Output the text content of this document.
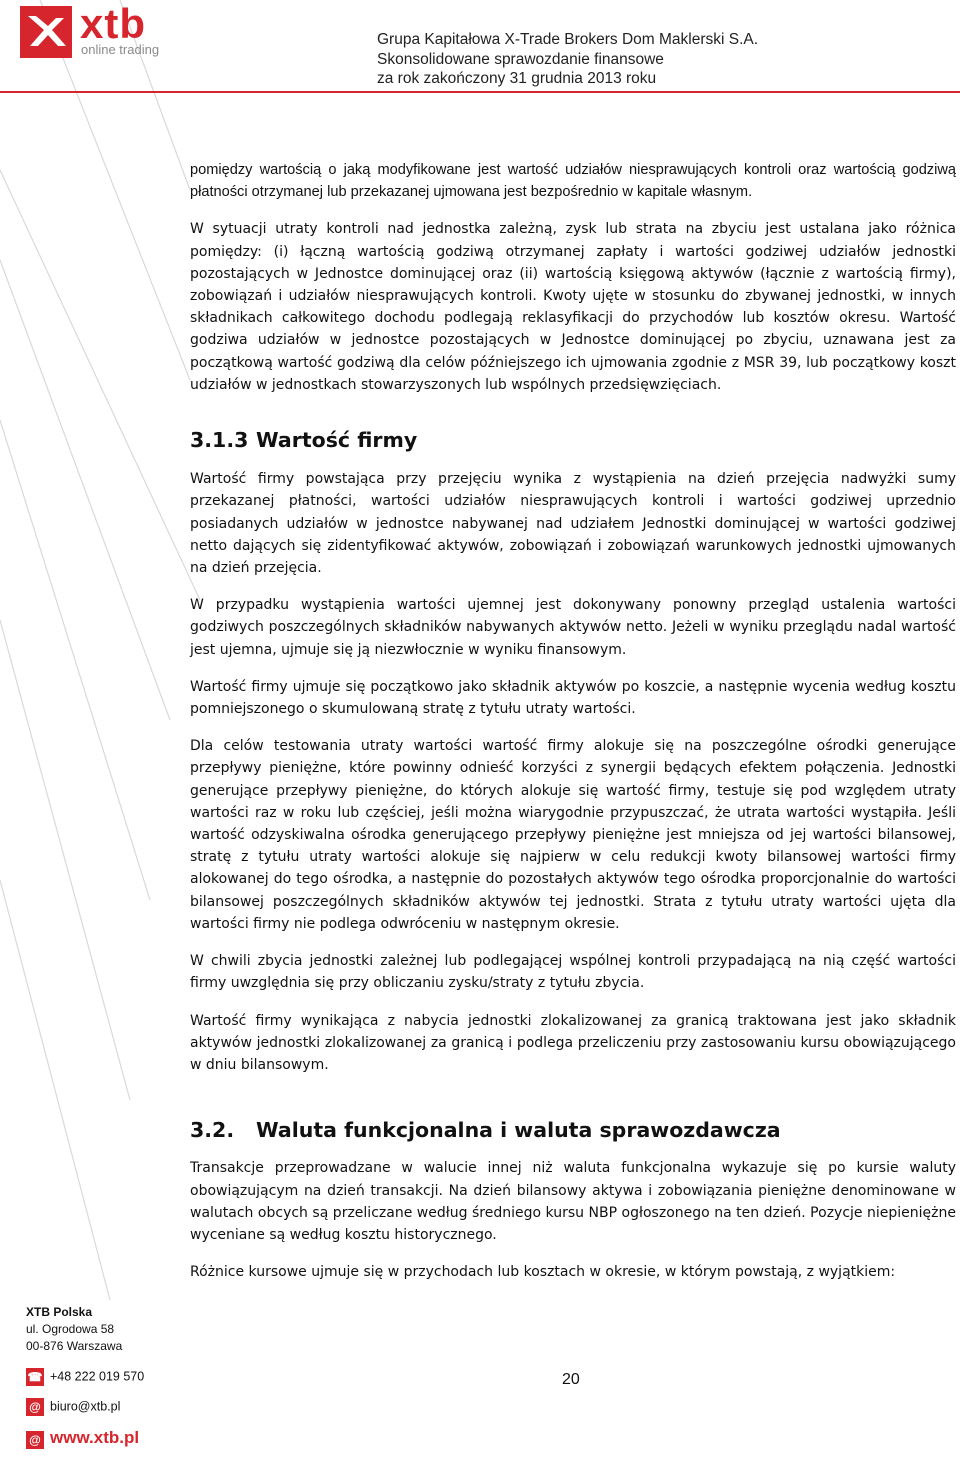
xtb
online trading
Grupa Kapitałowa X-Trade Brokers Dom Maklerski S.A.
Skonsolidowane sprawozdanie finansowe
za rok zakończony 31 grudnia 2013 roku

pomiędzy wartością o jaką modyfikowane jest wartość udziałów niesprawujących kontroli oraz wartością godziwą płatności otrzymanej lub przekazanej ujmowana jest bezpośrednio w kapitale własnym.

W sytuacji utraty kontroli nad jednostka zależną, zysk lub strata na zbyciu jest ustalana jako różnica pomiędzy: (i) łączną wartością godziwą otrzymanej zapłaty i wartości godziwej udziałów jednostki pozostających w Jednostce dominującej oraz (ii) wartością księgową aktywów (łącznie z wartością firmy), zobowiązań i udziałów niesprawujących kontroli. Kwoty ujęte w stosunku do zbywanej jednostki, w innych składnikach całkowitego dochodu podlegają reklasyfikacji do przychodów lub kosztów okresu. Wartość godziwa udziałów w jednostce pozostających w Jednostce dominującej po zbyciu, uznawana jest za początkową wartość godziwą dla celów późniejszego ich ujmowania zgodnie z MSR 39, lub początkowy koszt udziałów w jednostkach stowarzyszonych lub wspólnych przedsięwzięciach.

3.1.3 Wartość firmy

Wartość firmy powstająca przy przejęciu wynika z wystąpienia na dzień przejęcia nadwyżki sumy przekazanej płatności, wartości udziałów niesprawujących kontroli i wartości godziwej uprzednio posiadanych udziałów w jednostce nabywanej nad udziałem Jednostki dominującej w wartości godziwej netto dających się zidentyfikować aktywów, zobowiązań i zobowiązań warunkowych jednostki ujmowanych na dzień przejęcia.

W przypadku wystąpienia wartości ujemnej jest dokonywany ponowny przegląd ustalenia wartości godziwych poszczególnych składników nabywanych aktywów netto. Jeżeli w wyniku przeglądu nadal wartość jest ujemna, ujmuje się ją niezwłocznie w wyniku finansowym.

Wartość firmy ujmuje się początkowo jako składnik aktywów po koszcie, a następnie wycenia według kosztu pomniejszonego o skumulowaną stratę z tytułu utraty wartości.

Dla celów testowania utraty wartości wartość firmy alokuje się na poszczególne ośrodki generujące przepływy pieniężne, które powinny odnieść korzyści z synergii będących efektem połączenia. Jednostki generujące przepływy pieniężne, do których alokuje się wartość firmy, testuje się pod względem utraty wartości raz w roku lub częściej, jeśli można wiarygodnie przypuszczać, że utrata wartości wystąpiła. Jeśli wartość odzyskiwalna ośrodka generującego przepływy pieniężne jest mniejsza od jej wartości bilansowej, stratę z tytułu utraty wartości alokuje się najpierw w celu redukcji kwoty bilansowej wartości firmy alokowanej do tego ośrodka, a następnie do pozostałych aktywów tego ośrodka proporcjonalnie do wartości bilansowej poszczególnych składników aktywów tej jednostki. Strata z tytułu utraty wartości ujęta dla wartości firmy nie podlega odwróceniu w następnym okresie.

W chwili zbycia jednostki zależnej lub podlegającej wspólnej kontroli przypadającą na nią część wartości firmy uwzględnia się przy obliczaniu zysku/straty z tytułu zbycia.

Wartość firmy wynikająca z nabycia jednostki zlokalizowanej za granicą traktowana jest jako składnik aktywów jednostki zlokalizowanej za granicą i podlega przeliczeniu przy zastosowaniu kursu obowiązującego w dniu bilansowym.

3.2. Waluta funkcjonalna i waluta sprawozdawcza

Transakcje przeprowadzane w walucie innej niż waluta funkcjonalna wykazuje się po kursie waluty obowiązującym na dzień transakcji. Na dzień bilansowy aktywa i zobowiązania pieniężne denominowane w walutach obcych są przeliczane według średniego kursu NBP ogłoszonego na ten dzień. Pozycje niepieniężne wyceniane są według kosztu historycznego.

Różnice kursowe ujmuje się w przychodach lub kosztach w okresie, w którym powstają, z wyjątkiem:

XTB Polska
ul. Ogrodowa 58
00-876 Warszawa
☎ +48 222 019 570
@ biuro@xtb.pl
@ www.xtb.pl
20
